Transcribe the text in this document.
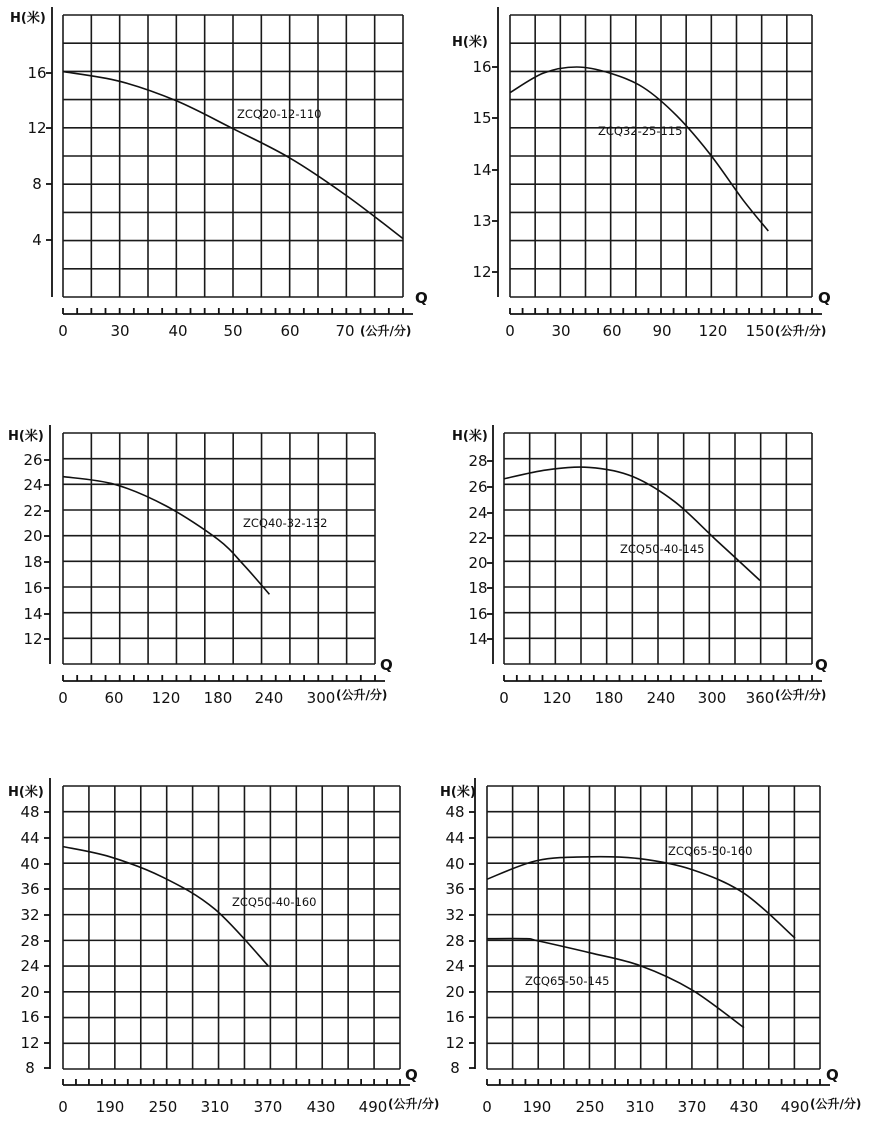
4
8
12
16
0	30	40 50	60 70
H(米)
Q
(公升/分)
ZCQ20-12-110
12
13
14
15
16
0 30 60 90 120 150
H(米)
Q
(公升/分)
ZCQ32-25-115
12
14
16
18
20
22
24
26
0 60 120 180 240 300
H(米)
Q
(公升/分)
ZCQ40-32-132
14
16
18
20
22
24
26
28
0 120 180 240 300 360
H(米)
Q
(公升/分)
ZCQ50-40-145
8
12
16
20
24
28
32
36
40
44
48
0 190 250 310 370 430 490
H(米)
Q
(公升/分)
ZCQ50-40-160
8
12
16
20
24
28
32
36
40
44
48
0 190 250 310 370 430 490
H(米)
Q
(公升/分)
ZCQ65-50-160
ZCQ65-50-145
